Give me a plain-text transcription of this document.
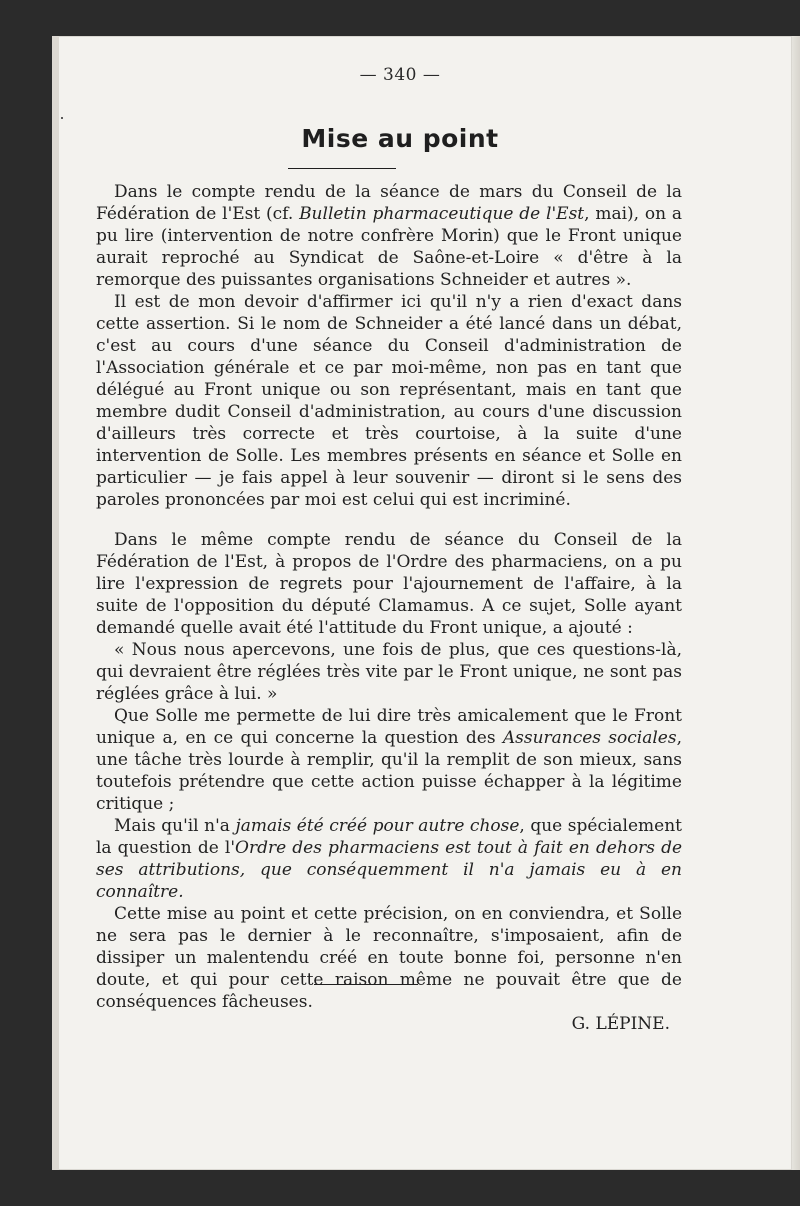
— 340 —
Mise au point

Dans le compte rendu de la séance de mars du Conseil de la Fédération de l'Est (cf. Bulletin pharmaceutique de l'Est, mai), on a pu lire (intervention de notre confrère Morin) que le Front unique aurait reproché au Syndicat de Saône-et-Loire « d'être à la remorque des puissantes organisations Schneider et autres ».

Il est de mon devoir d'affirmer ici qu'il n'y a rien d'exact dans cette assertion. Si le nom de Schneider a été lancé dans un débat, c'est au cours d'une séance du Conseil d'administration de l'Association générale et ce par moi-même, non pas en tant que délégué au Front unique ou son représentant, mais en tant que membre dudit Conseil d'administration, au cours d'une discussion d'ailleurs très correcte et très courtoise, à la suite d'une intervention de Solle. Les membres présents en séance et Solle en particulier — je fais appel à leur souvenir — diront si le sens des paroles prononcées par moi est celui qui est incriminé.

Dans le même compte rendu de séance du Conseil de la Fédération de l'Est, à propos de l'Ordre des pharmaciens, on a pu lire l'expression de regrets pour l'ajournement de l'affaire, à la suite de l'opposition du député Clamamus. A ce sujet, Solle ayant demandé quelle avait été l'attitude du Front unique, a ajouté :

« Nous nous apercevons, une fois de plus, que ces questions-là, qui devraient être réglées très vite par le Front unique, ne sont pas réglées grâce à lui. »

Que Solle me permette de lui dire très amicalement que le Front unique a, en ce qui concerne la question des Assurances sociales, une tâche très lourde à remplir, qu'il la remplit de son mieux, sans toutefois prétendre que cette action puisse échapper à la légitime critique ;

Mais qu'il n'a jamais été créé pour autre chose, que spécialement la question de l'Ordre des pharmaciens est tout à fait en dehors de ses attributions, que conséquemment il n'a jamais eu à en connaître.

Cette mise au point et cette précision, on en conviendra, et Solle ne sera pas le dernier à le reconnaître, s'imposaient, afin de dissiper un malentendu créé en toute bonne foi, personne n'en doute, et qui pour cette raison même ne pouvait être que de conséquences fâcheuses.

G. LÉPINE.
